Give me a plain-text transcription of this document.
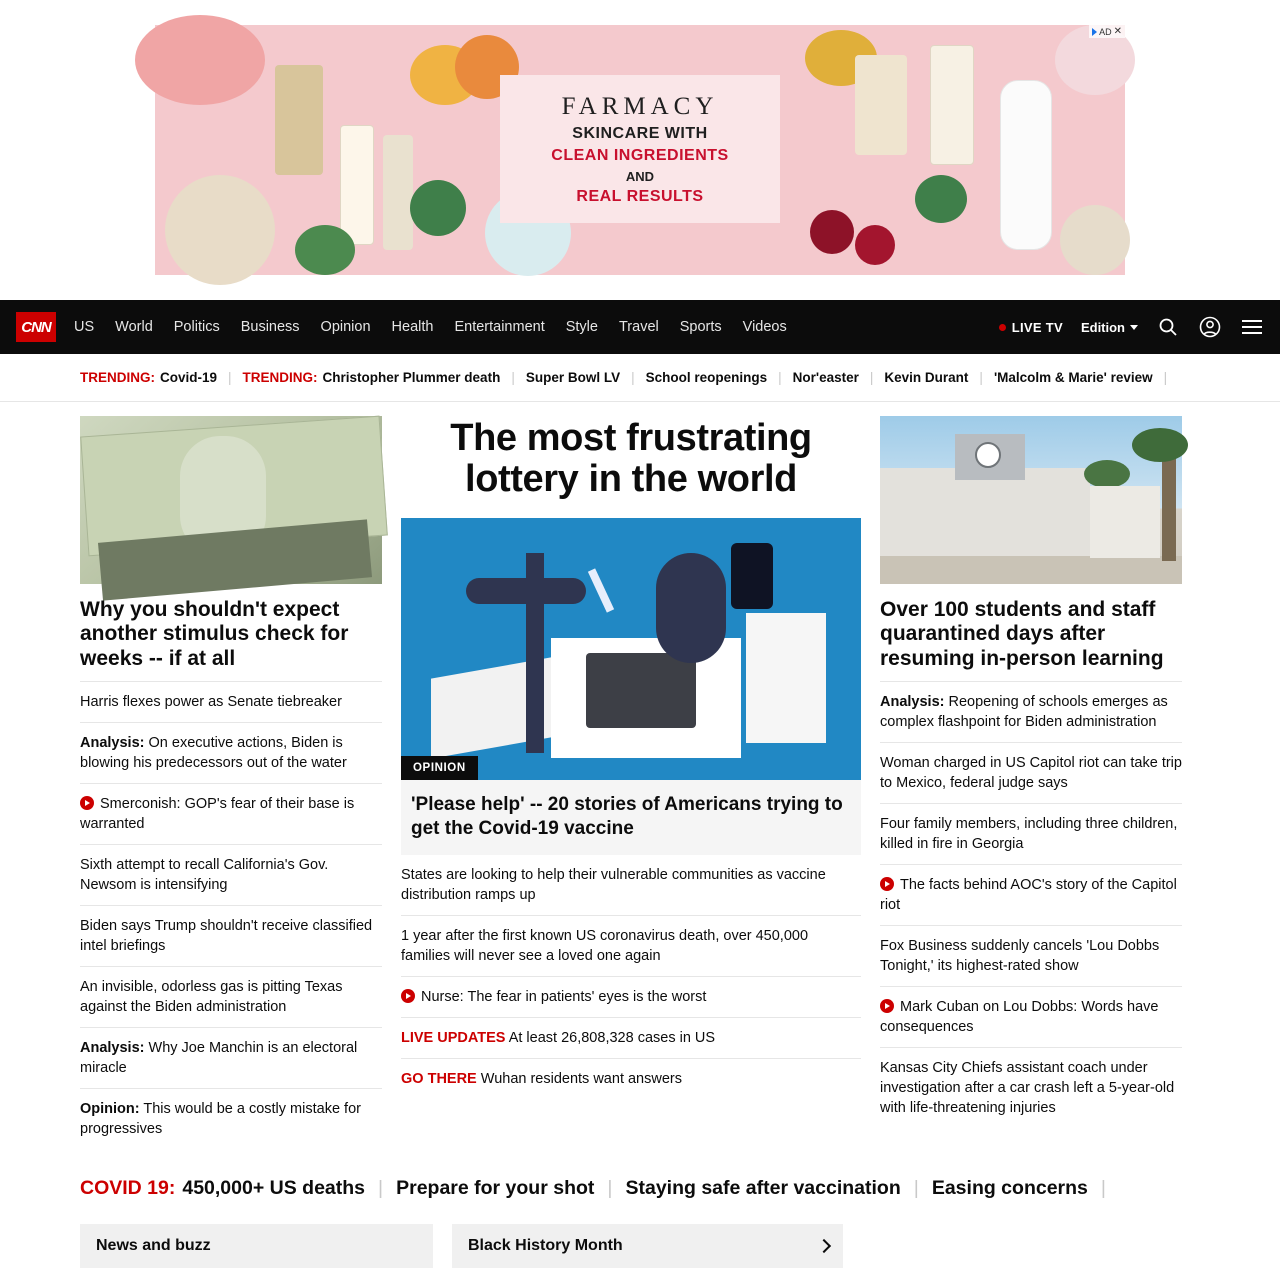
FARMACY
SKINCARE WITH
CLEAN INGREDIENTS
AND
REAL RESULTS
AD ✕
CNN	US World Politics Business Opinion Health Entertainment Style Travel Sports Videos	LIVE TV Edition
TRENDING: Covid-19 | TRENDING: Christopher Plummer death | Super Bowl LV | School reopenings | Nor'easter | Kevin Durant | 'Malcolm & Marie' review |
Why you shouldn't expect another stimulus check for weeks -- if at all
Harris flexes power as Senate tiebreaker
Analysis: On executive actions, Biden is blowing his predecessors out of the water
Smerconish: GOP's fear of their base is warranted
Sixth attempt to recall California's Gov. Newsom is intensifying
Biden says Trump shouldn't receive classified intel briefings
An invisible, odorless gas is pitting Texas against the Biden administration
Analysis: Why Joe Manchin is an electoral miracle
Opinion: This would be a costly mistake for progressives
The most frustrating lottery in the world
OPINION
'Please help' -- 20 stories of Americans trying to get the Covid-19 vaccine
States are looking to help their vulnerable communities as vaccine distribution ramps up
1 year after the first known US coronavirus death, over 450,000 families will never see a loved one again
Nurse: The fear in patients' eyes is the worst
LIVE UPDATES At least 26,808,328 cases in US
GO THERE Wuhan residents want answers
Over 100 students and staff quarantined days after resuming in-person learning
Analysis: Reopening of schools emerges as complex flashpoint for Biden administration
Woman charged in US Capitol riot can take trip to Mexico, federal judge says
Four family members, including three children, killed in fire in Georgia
The facts behind AOC's story of the Capitol riot
Fox Business suddenly cancels 'Lou Dobbs Tonight,' its highest-rated show
Mark Cuban on Lou Dobbs: Words have consequences
Kansas City Chiefs assistant coach under investigation after a car crash left a 5-year-old with life-threatening injuries
COVID 19: 450,000+ US deaths | Prepare for your shot | Staying safe after vaccination | Easing concerns |
News and buzz	Black History Month
